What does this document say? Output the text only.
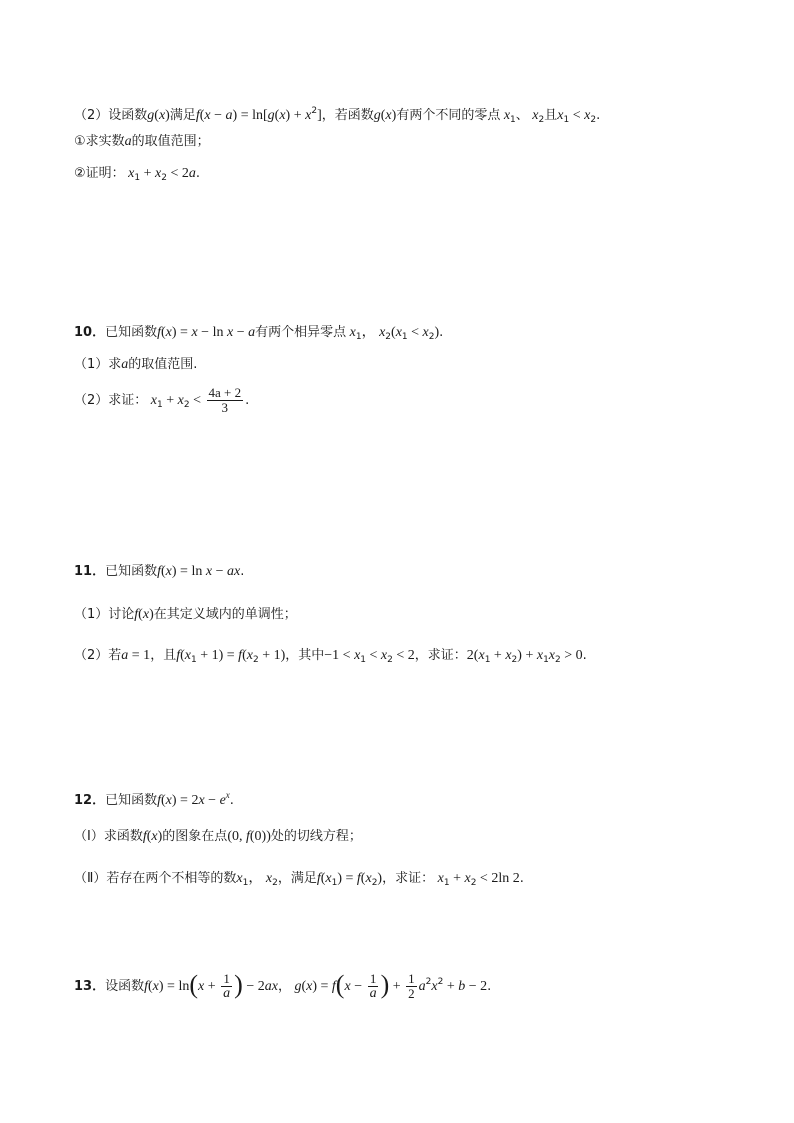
（2）设函数g(x)满足$f(x - a) = \ln[g(x) + x^2]$，若函数g(x)有两个不同的零点 $x_1$、 $x_2$且$x_1 < x_2$.
①求实数a的取值范围；
②证明： $x_1 + x_2 < 2a$.
10．已知函数f(x) = x − ln x − a有两个相异零点 $x_1$， $x_2(x_1 < x_2)$.
（1）求a的取值范围.
（2）求证： $x_1 + x_2 < \frac{4a + 2}{3}$ .
11．已知函数f(x) = ln x − ax.
（1）讨论f(x)在其定义域内的单调性；
（2）若a = 1，且$f(x_1 + 1) = f(x_2 + 1)$，其中$-1 < x_1 < x_2 < 2$，求证：$2(x_1 + x_2) + x_1x_2 > 0$.
12．已知函数$f(x) = 2x - e^x$.
（Ⅰ）求函数f(x)的图象在点(0, f(0))处的切线方程；
（Ⅱ）若存在两个不相等的数$x_1$， $x_2$，满足$f(x_1) = f(x_2)$，求证： $x_1 + x_2 < 2\ln$ 2.
13．设函数$f(x) = \ln(x + \frac{1}{a}$ ) − 2ax， $g(x) = f(x - \frac{1}{a}$ ) + $\frac{1}{2} a^2x^2 + b - 2$.
